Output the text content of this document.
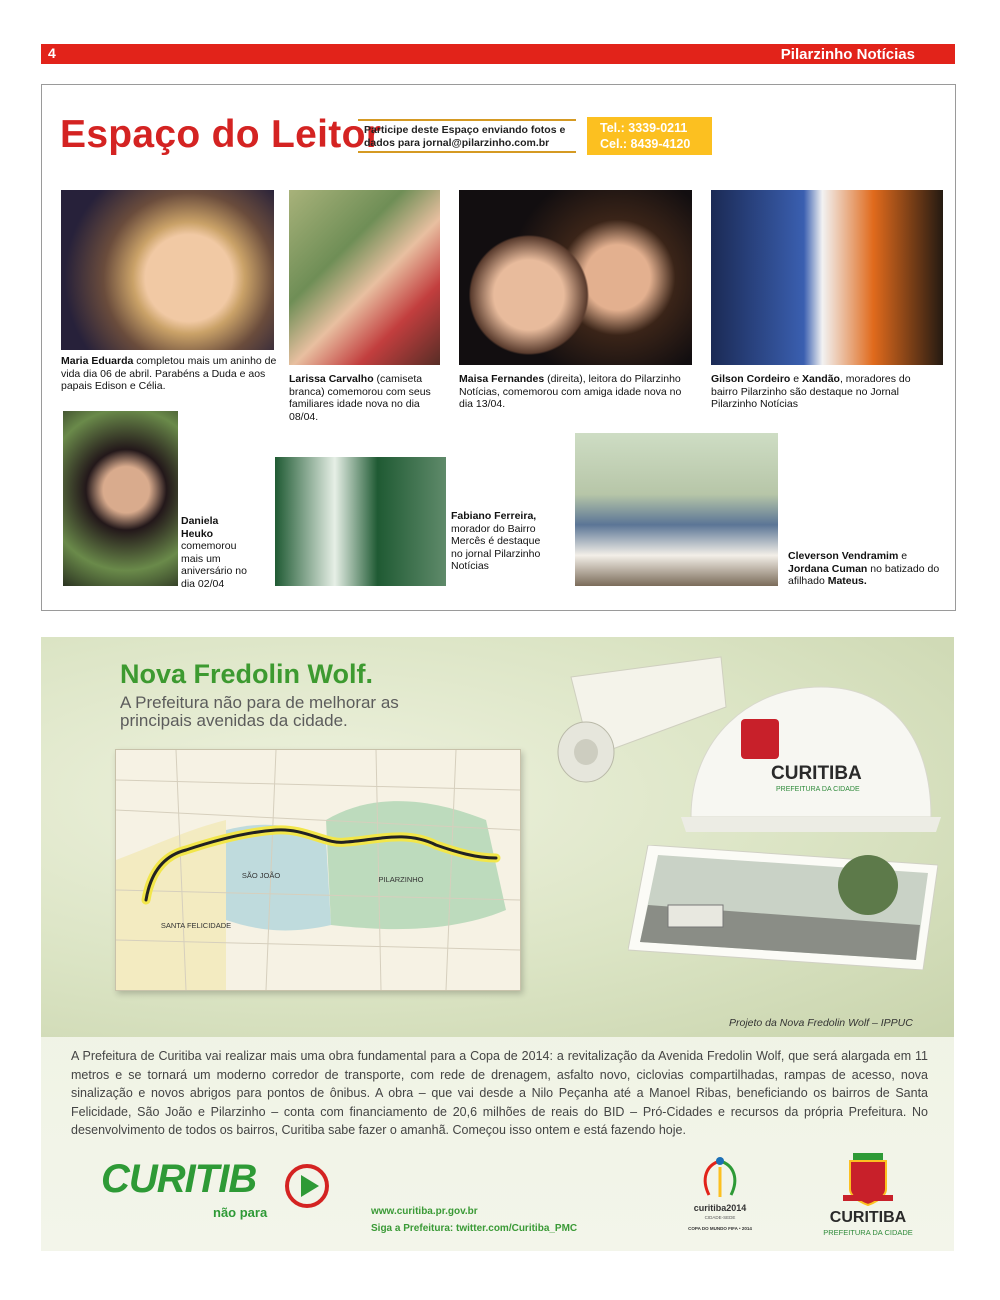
4	Pilarzinho Notícias
Espaço do Leitor
Participe deste Espaço enviando fotos e dados para jornal@pilarzinho.com.br
Tel.: 3339-0211
Cel.: 8439-4120
Maria Eduarda completou mais um aninho de vida dia 06 de abril. Parabéns a Duda e aos papais Edison e Célia.
Larissa Carvalho (camiseta branca) comemorou com seus familiares idade nova no dia 08/04.
Maisa Fernandes (direita), leitora do Pilarzinho Notícias, comemorou com amiga idade nova no dia 13/04.
Gilson Cordeiro e Xandão, moradores do bairro Pilarzinho são destaque no Jornal Pilarzinho Notícias
Daniela Heuko comemorou mais um aniversário no dia 02/04
Fabiano Ferreira, morador do Bairro Mercês é destaque no jornal Pilarzinho Notícias
Cleverson Vendramim e Jordana Cuman no batizado do afilhado Mateus.
Nova Fredolin Wolf.
A Prefeitura não para de melhorar as principais avenidas da cidade.
SÃO JOÃO	PILARZINHO
SANTA FELICIDADE
CURITIBA
PREFEITURA DA CIDADE
Projeto da Nova Fredolin Wolf – IPPUC
A Prefeitura de Curitiba vai realizar mais uma obra fundamental para a Copa de 2014: a revitalização da Avenida Fredolin Wolf, que será alargada em 11 metros e se tornará um moderno corredor de transporte, com rede de drenagem, asfalto novo, ciclovias compartilhadas, rampas de acesso, nova sinalização e novos abrigos para pontos de ônibus. A obra – que vai desde a Nilo Peçanha até a Manoel Ribas, beneficiando os bairros de Santa Felicidade, São João e Pilarzinho – conta com financiamento de 20,6 milhões de reais do BID – Pró-Cidades e recursos da própria Prefeitura. No desenvolvimento de todos os bairros, Curitiba sabe fazer o amanhã. Começou isso ontem e está fazendo hoje.
CURITIB
não para	www.curitiba.pr.gov.br
Siga a Prefeitura: twitter.com/Curitiba_PMC
curitiba2014
CIDADE-SEDE
COPA DO MUNDO FIFA • 2014
CURITIBA
PREFEITURA DA CIDADE
